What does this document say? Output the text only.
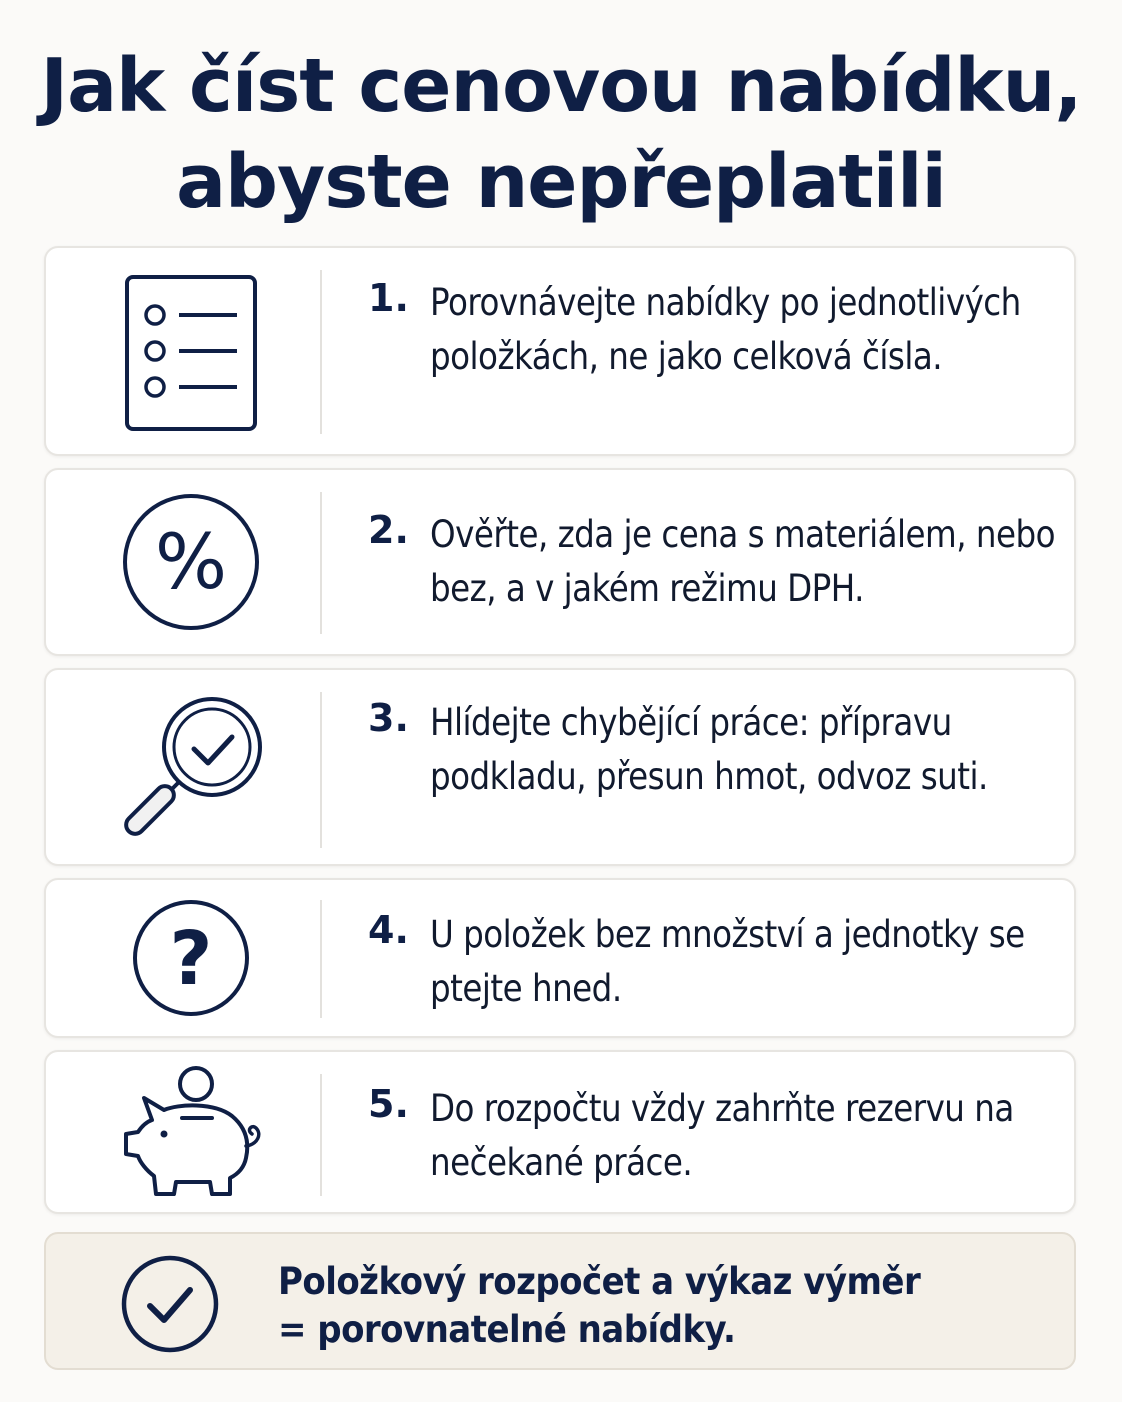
Jak číst cenovou nabídku,
abyste nepřeplatili
1. Porovnávejte nabídky po jednotlivých položkách, ne jako celková čísla.
%	2. Ověřte, zda je cena s materiálem, nebo bez, a v jakém režimu DPH.
3. Hlídejte chybějící práce: přípravu podkladu, přesun hmot, odvoz suti.
?	4. U položek bez množství a jednotky se ptejte hned.
5. Do rozpočtu vždy zahrňte rezervu na nečekané práce.
Položkový rozpočet a výkaz výměr
= porovnatelné nabídky.
